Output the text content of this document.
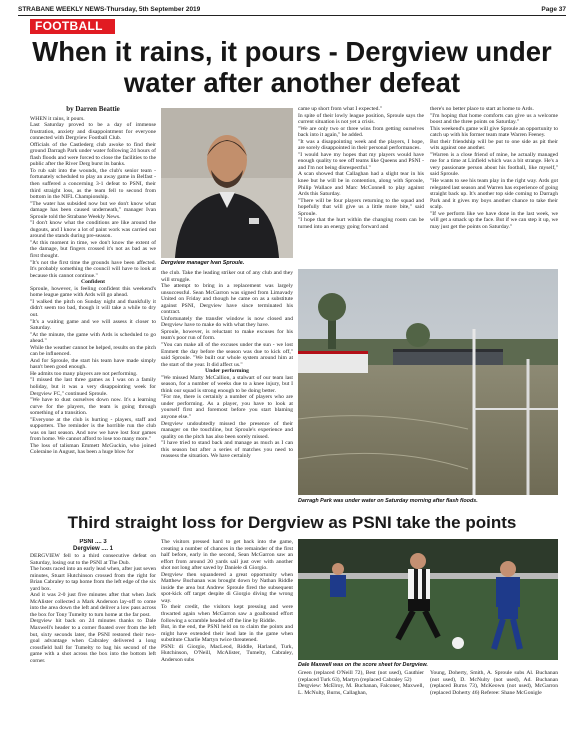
STRABANE WEEKLY NEWS-Thursday, 5th September 2019	Page 37
FOOTBALL
When it rains, it pours - Dergview under water after another defeat
by Darren Beattie

WHEN it rains, it pours.

Last Saturday proved to be a day of immense frustration, anxiety and disappointment for everyone connected with Dergview Football Club.

Officials of the Castlederg club awoke to find their ground Darragh Park under water following 24 hours of flash floods and were forced to close the facilities to the public after the River Derg burst its banks.

To rub salt into the wounds, the club's senior team - fortunately scheduled to play an away game in Belfast - then suffered a concerning 3-1 defeat to PSNI, their third straight loss, as the team fell to second from bottom in the NIFL Championship.

"The water has subsided now but we don't know what damage has been caused underneath," manager Ivan Sproule told the Strabane Weekly News.

"I don't know what the conditions are like around the dugouts, and I know a lot of paint work was carried out around the stands during pre-season.

"At this moment in time, we don't know the extent of the damage, but fingers crossed it's not as bad as we first thought.

"It's not the first time the grounds have been affected. It's probably something the council will have to look at because this cannot continue."

Confident

Sproule, however, is feeling confident this weekend's home league game with Ards will go ahead.

"I walked the pitch on Sunday night and thankfully it didn't seem too bad, though it will take a while to dry out.

"It's a waiting game and we will assess it closer to Saturday.

"At the minute, the game with Ards is scheduled to go ahead."

While the weather cannot be helped, results on the pitch can be influenced.

And for Sproule, the start his team have made simply hasn't been good enough.

He admits too many players are not performing.

"I missed the last three games as I was on a family holiday, but it was a very disappointing week for Dergview FC," continued Sproule.

"We have to dust ourselves down now. It's a learning curve for the players, the team is going through something of a transition.

"Everyone at the club is hurting - players, staff and supporters. The reminder is the horrible run the club was on last season. And now we have lost four games from home. We cannot afford to lose too many more."

The loss of talisman Emmett McGuckin, who joined Coleraine in August, has been a huge blow for

Dergview manager Ivan Sproule.

the club. Take the leading striker out of any club and they will struggle.

The attempt to bring in a replacement was largely unsuccessful. Sean McGarron was signed from Limavady United on Friday and though he came on as a substitute against PSNI, Dergview have since terminated his contract.

Unfortunately the transfer window is now closed and Dergview have to make do with what they have.

Sproule, however, is reluctant to make excuses for his team's poor run of form.

"You can make all of the excuses under the sun - we lost Emmett the day before the season was due to kick off," said Sproule. "We built our whole system around him at the start of the year. It did affect us."

Under performing

"We missed Marty McCallion, a stalwart of our team last season, for a number of weeks due to a knee injury, but I think our squad is strong enough to be doing better.

"For me, there is certainly a number of players who are under performing. As a player, you have to look at yourself first and foremost before you start blaming anyone else."

Dergview undoubtedly missed the presence of their manager on the touchline, but Sproule's experience and quality on the pitch has also been sorely missed.

"I have tried to stand back and manage as much as I can this season but after a series of matches you need to reassess the situation. We have certainly

came up short from what I expected."

In spite of their lowly league position, Sproule says the current situation is not yet a crisis.

"We are only two or three wins from getting ourselves back into it again," he added.

"It was a disappointing week and the players, I hope, are sorely disappointed in their personal performances.

"I would have my hopes that my players would have enough quality to see off teams like Queens and PSNI - and I'm not being disrespectful."

A scan showed that Callaghan had a slight tear in his knee but he will be in contention, along with Sproule, Philip Wallace and Marc McConnell to play against Ards this Saturday.

"There will be four players returning to the squad and hopefully that will give us a little more bite," said Sproule.

"I hope that the hurt within the changing room can be turned into an energy going forward and

there's no better place to start at home to Ards.

"I'm hoping that home comforts can give us a welcome boost and the three points on Saturday."

This weekend's game will give Sproule an opportunity to catch up with his former team mate Warren Feeney.

But their friendship will be put to one side as pit their wits against one another.

"Warren is a close friend of mine, he actually managed me for a time at Linfield which was a bit strange. He's a very passionate person about his football, like myself," said Sproule.

"He wants to see his team play in the right way. Ards got relegated last season and Warren has experience of going straight back up. It's another top side coming to Darragh Park and it gives my boys another chance to take their scalp.

"If we perform like we have done in the last week, we will get a smack up the face. But if we can step it up, we may just get the points on Saturday."

Darragh Park was under water on Saturday morning after flash floods.
Third straight loss for Dergview as PSNI take the points
PSNI .... 3
Dergview .... 1

DERGVIEW fell to a third consecutive defeat on Saturday, losing out to the PSNI at The Dub.

The hosts raced into an early lead when, after just seven minutes, Stuart Hutchinson crossed from the right for Brian Cabraley to tap home from the left edge of the six yard box.

And it was 2-0 just five minutes after that when Jack McAlister collected a Mark Anderson lay-off to come into the area down the left and deliver a low pass across the box for Tony Tumelty to turn home at the far post.

Dergview hit back on 24 minutes thanks to Dale Maxwell's header to a corner floated over from the left but, sixty seconds later, the PSNI restored their two-goal advantage when Cabraley delivered a long crossfield ball for Tumelty to bag his second of the game with a shot across the box into the bottom left corner.

The visitors pressed hard to get back into the game, creating a number of chances in the remainder of the first half before, early in the second, Sean McGarron saw an effort from around 20 yards sail just over with another shot not long after saved by Daniele di Giorgio.

Dergview then squandered a great opportunity when Matthew Buchanan was brought down by Nathan Riddle inside the area but Andrew Sproule fired the subsequent spot-kick off target despite di Giorgio diving the wrong way.

To their credit, the visitors kept pressing and were thwarted again when McGarron saw a goalbound effort following a scramble headed off the line by Riddle.

But, in the end, the PSNI held on to claim the points and might have extended their lead late in the game when substitute Charlie Martyn twice threatened.

PSNI: di Giorgio, MacLeod, Riddle, Harland, Turk, Hutchinson, O'Neill, McAlister, Tumelty, Cabraley, Anderson subs

Dale Maxwell was on the score sheet for Dergview.

Green (replaced O'Neill 72), Best (not used), Gauthier (replaced Turk 63), Martyn (replaced Cabraley 52)

Dergview: McElroy, M. Buchanan, Falconer, Maxwell, L. McNulty, Burns, Callaghan,

Young, Doherty, Smith, A. Sproule subs Al. Buchanan (not used), D. McNulty (not used), Ad. Buchanan (replaced Burns 73), McKeown (not used), McGarron (replaced Doherty 46) Referee: Shane McGonigle
